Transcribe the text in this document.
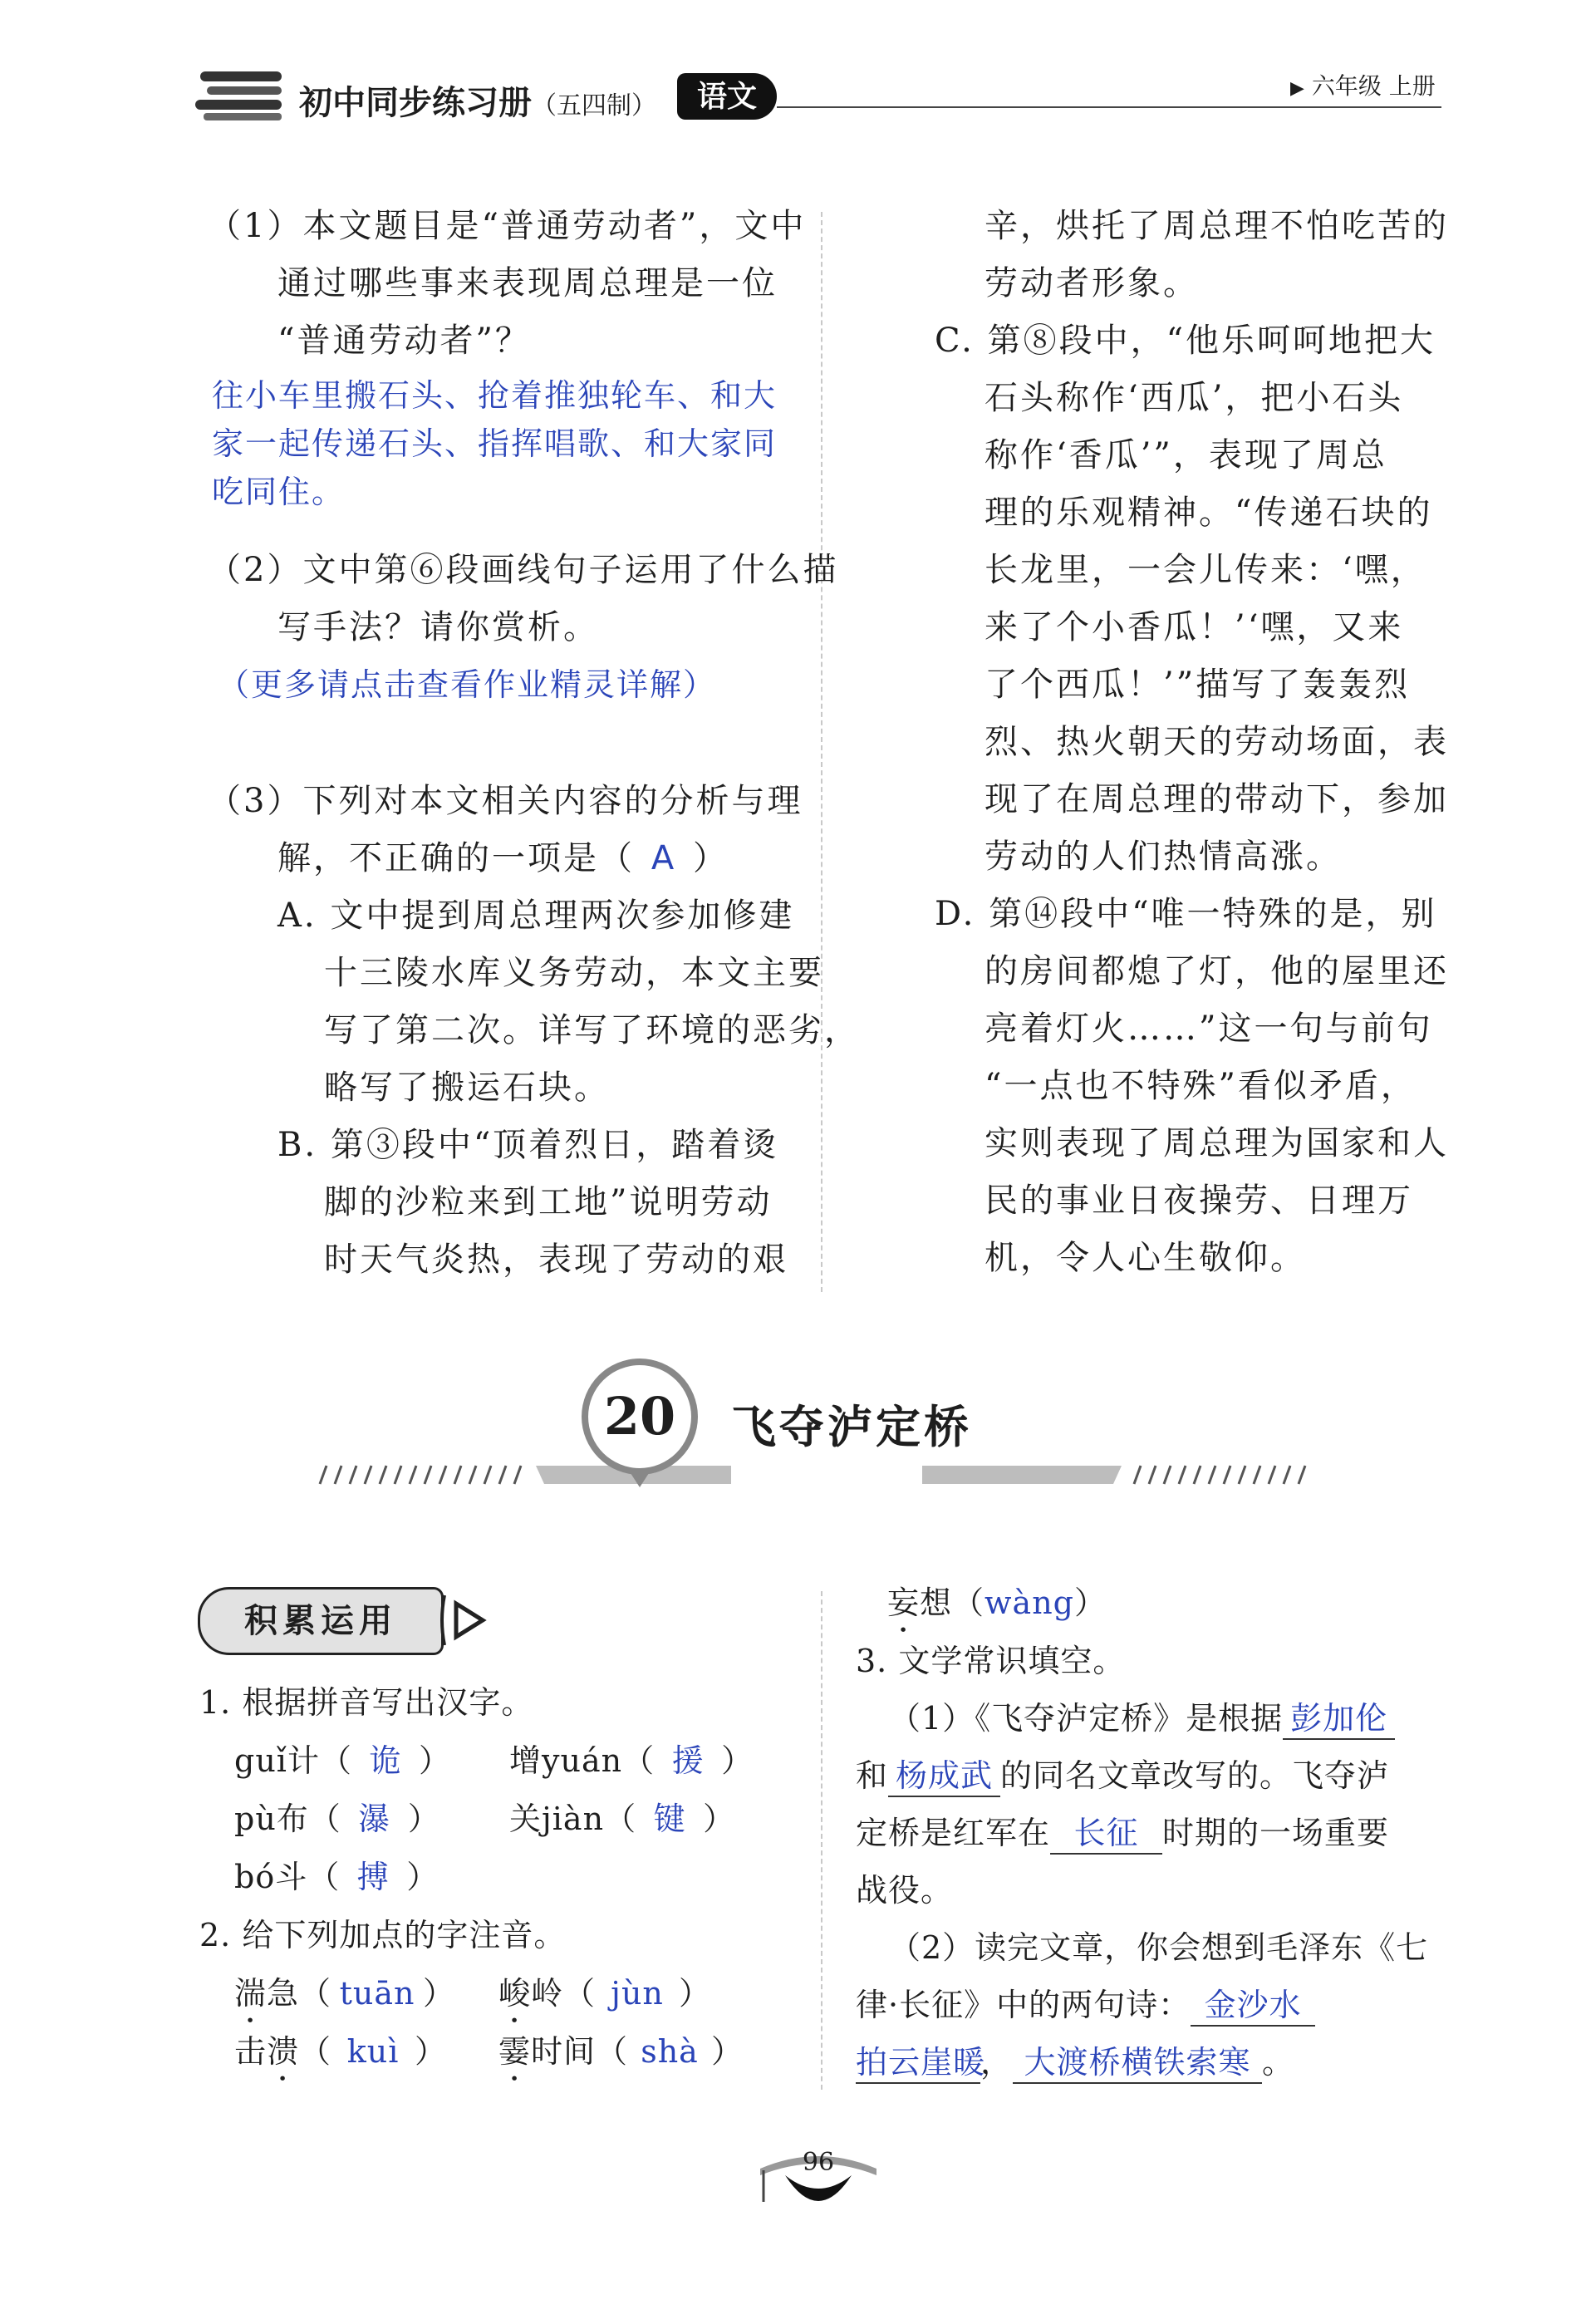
初中同步练习册（五四制）	语文	▶ 六年级 上册
（1）本文题目是“普通劳动者”，文中
通过哪些事来表现周总理是一位
“普通劳动者”？
往小车里搬石头、抢着推独轮车、和大
家一起传递石头、指挥唱歌、和大家同
吃同住。
（2）文中第⑥段画线句子运用了什么描
写手法？请你赏析。
（更多请点击查看作业精灵详解）
（3）下列对本文相关内容的分析与理
解，不正确的一项是（ A ）
A. 文中提到周总理两次参加修建
十三陵水库义务劳动，本文主要
写了第二次。详写了环境的恶劣，
略写了搬运石块。
B. 第③段中“顶着烈日，踏着烫
脚的沙粒来到工地”说明劳动
时天气炎热，表现了劳动的艰
辛，烘托了周总理不怕吃苦的
劳动者形象。
C. 第⑧段中，“他乐呵呵地把大
石头称作‘西瓜’，把小石头
称作‘香瓜’”，表现了周总
理的乐观精神。“传递石块的
长龙里，一会儿传来：‘嘿，
来了个小香瓜！’‘嘿，又来
了个西瓜！’”描写了轰轰烈
烈、热火朝天的劳动场面，表
现了在周总理的带动下，参加
劳动的人们热情高涨。
D. 第⑭段中“唯一特殊的是，别
的房间都熄了灯，他的屋里还
亮着灯火……”这一句与前句
“一点也不特殊”看似矛盾，
实则表现了周总理为国家和人
民的事业日夜操劳、日理万
机，令人心生敬仰。
20	飞夺泸定桥
积累运用
1. 根据拼音写出汉字。
guǐ计（ 诡 ） 增yuán（ 援 ）
pù布（ 瀑 ） 关jiàn（ 键 ）
bó斗（ 搏 ）
2. 给下列加点的字注音。
湍急（ tuān ） 峻岭（ jùn ）
击溃（ kuì ） 霎时间（ shà ）
妄想（wàng）
3. 文学常识填空。
（1）《飞夺泸定桥》是根据 彭加伦
和 杨成武 的同名文章改写的。飞夺泸
定桥是红军在 长征 时期的一场重要
战役。
（2）读完文章，你会想到毛泽东《七
律·长征》中的两句诗： 金沙水
拍云崖暖， 大渡桥横铁索寒 。
96
